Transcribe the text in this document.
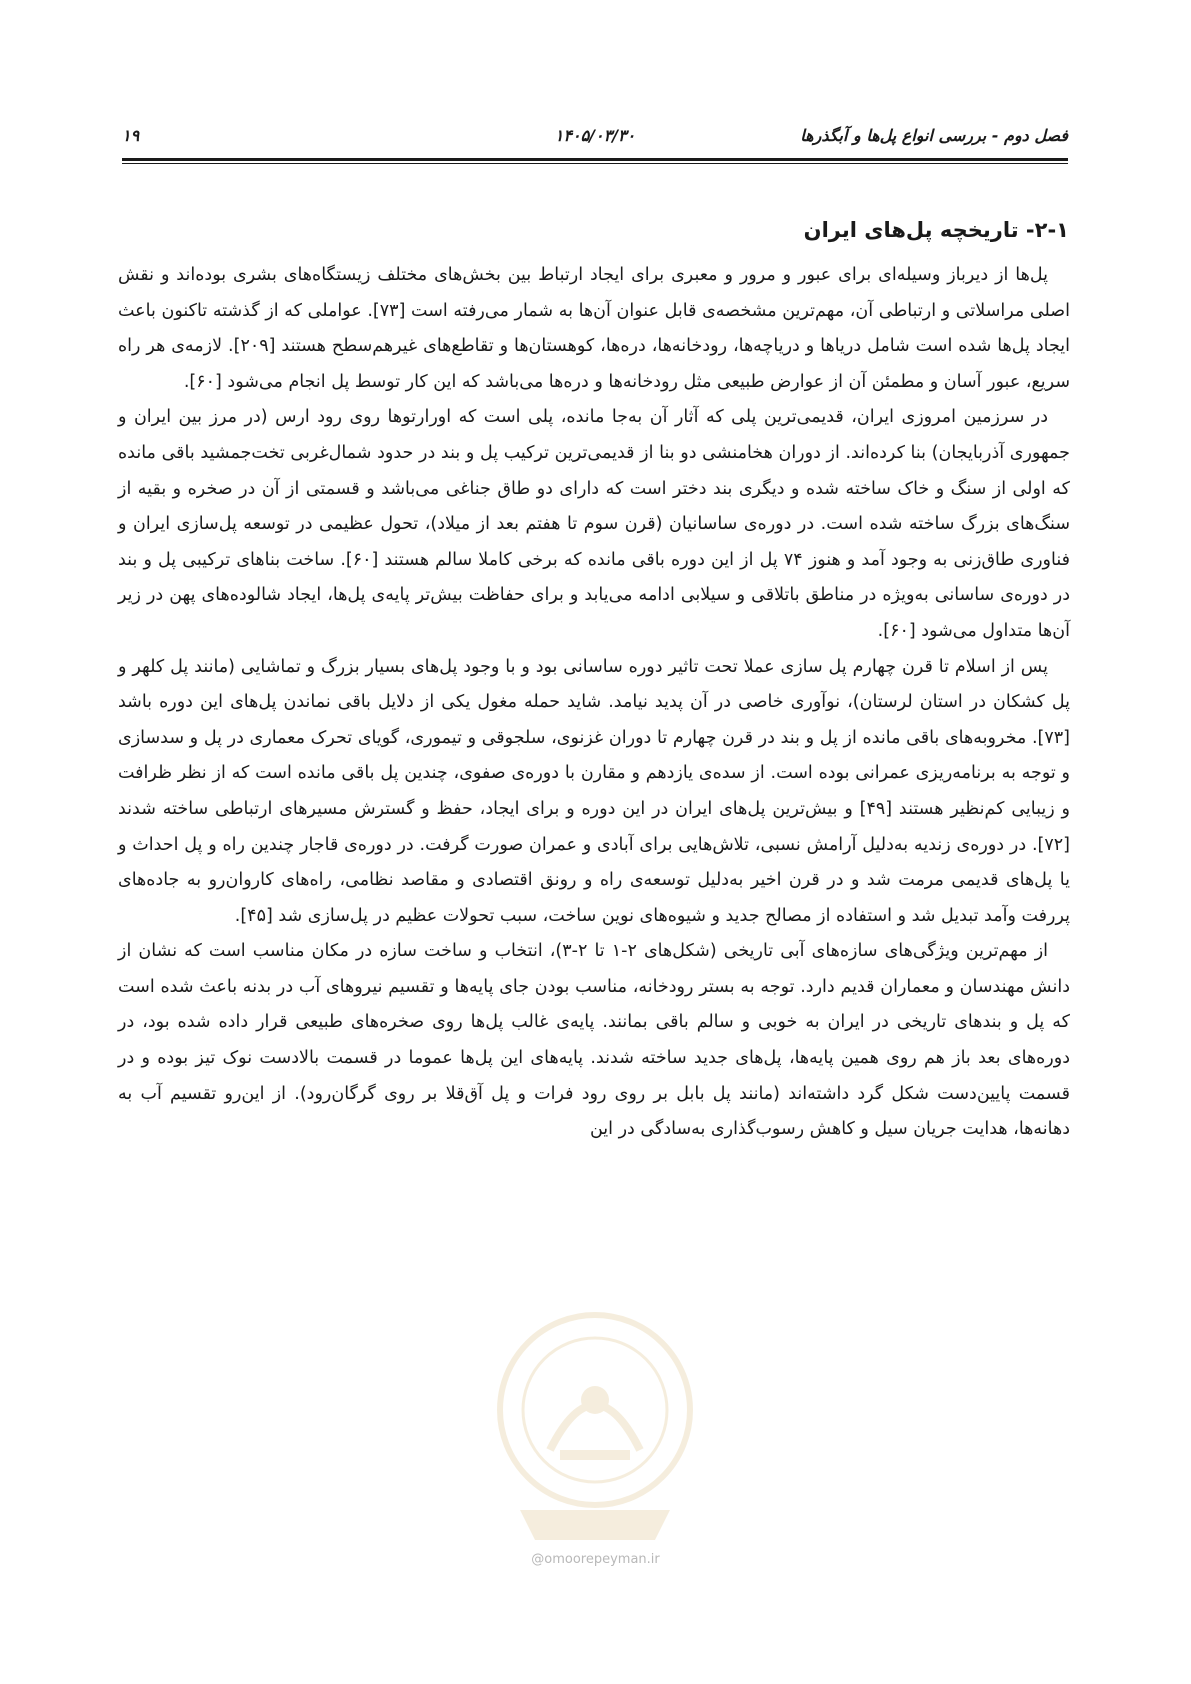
فصل دوم - بررسی انواع پل‌ها و آبگذرها
۱۴۰۵/۰۳/۳۰
۱۹
۲-۱- تاریخچه پل‌های ایران

پل‌ها از دیرباز وسیله‌ای برای عبور و مرور و معبری برای ایجاد ارتباط بین بخش‌های مختلف زیستگاه‌های بشری بوده‌اند و نقش اصلی مراسلاتی و ارتباطی آن، مهم‌ترین مشخصه‌ی قابل عنوان آن‌ها به شمار می‌رفته است [۷۳]. عواملی که از گذشته تاکنون باعث ایجاد پل‌ها شده است شامل دریاها و دریاچه‌ها، رودخانه‌ها، دره‌ها، کوهستان‌ها و تقاطع‌های غیرهم‌سطح هستند [۲۰۹]. لازمه‌ی هر راه سریع، عبور آسان و مطمئن آن از عوارض طبیعی مثل رودخانه‌ها و دره‌ها می‌باشد که این کار توسط پل انجام می‌شود [۶۰].

در سرزمین امروزی ایران، قدیمی‌ترین پلی که آثار آن به‌جا مانده، پلی است که اورارتوها روی رود ارس (در مرز بین ایران و جمهوری آذربایجان) بنا کرده‌اند. از دوران هخامنشی دو بنا از قدیمی‌ترین ترکیب پل و بند در حدود شمال‌غربی تخت‌جمشید باقی مانده که اولی از سنگ و خاک ساخته شده و دیگری بند دختر است که دارای دو طاق جناغی می‌باشد و قسمتی از آن در صخره و بقیه از سنگ‌های بزرگ ساخته شده است. در دوره‌ی ساسانیان (قرن سوم تا هفتم بعد از میلاد)، تحول عظیمی در توسعه پل‌سازی ایران و فناوری طاق‌زنی به وجود آمد و هنوز ۷۴ پل از این دوره باقی مانده که برخی کاملا سالم هستند [۶۰]. ساخت بناهای ترکیبی پل و بند در دوره‌ی ساسانی به‌ویژه در مناطق باتلاقی و سیلابی ادامه می‌یابد و برای حفاظت بیش‌تر پایه‌ی پل‌ها، ایجاد شالوده‌های پهن در زیر آن‌ها متداول می‌شود [۶۰].

پس از اسلام تا قرن چهارم پل سازی عملا تحت تاثیر دوره ساسانی بود و با وجود پل‌های بسیار بزرگ و تماشایی (مانند پل کلهر و پل کشکان در استان لرستان)، نوآوری خاصی در آن پدید نیامد. شاید حمله مغول یکی از دلایل باقی نماندن پل‌های این دوره باشد [۷۳]. مخروبه‌های باقی مانده از پل و بند در قرن چهارم تا دوران غزنوی، سلجوقی و تیموری، گویای تحرک معماری در پل و سدسازی و توجه به برنامه‌ریزی عمرانی بوده است. از سده‌ی یازدهم و مقارن با دوره‌ی صفوی، چندین پل باقی مانده است که از نظر ظرافت و زیبایی کم‌نظیر هستند [۴۹] و بیش‌ترین پل‌های ایران در این دوره و برای ایجاد، حفظ و گسترش مسیرهای ارتباطی ساخته شدند [۷۲]. در دوره‌ی زندیه به‌دلیل آرامش نسبی، تلاش‌هایی برای آبادی و عمران صورت گرفت. در دوره‌ی قاجار چندین راه و پل احداث و یا پل‌های قدیمی مرمت شد و در قرن اخیر به‌دلیل توسعه‌ی راه و رونق اقتصادی و مقاصد نظامی، راه‌های کاروان‌رو به جاده‌های پررفت وآمد تبدیل شد و استفاده از مصالح جدید و شیوه‌های نوین ساخت، سبب تحولات عظیم در پل‌سازی شد [۴۵].

از مهم‌ترین ویژگی‌های سازه‌های آبی تاریخی (شکل‌های ۲-۱ تا ۲-۳)، انتخاب و ساخت سازه در مکان مناسب است که نشان از دانش مهندسان و معماران قدیم دارد. توجه به بستر رودخانه، مناسب بودن جای پایه‌ها و تقسیم نیروهای آب در بدنه باعث شده است که پل و بندهای تاریخی در ایران به خوبی و سالم باقی بمانند. پایه‌ی غالب پل‌ها روی صخره‌های طبیعی قرار داده شده بود، در دوره‌های بعد باز هم روی همین پایه‌ها، پل‌های جدید ساخته شدند. پایه‌های این پل‌ها عموما در قسمت بالادست نوک تیز بوده و در قسمت پایین‌دست شکل گرد داشته‌اند (مانند پل بابل بر روی رود فرات و پل آق‌قلا بر روی گرگان‌رود). از این‌رو تقسیم آب به دهانه‌ها، هدایت جریان سیل و کاهش رسوب‌گذاری به‌سادگی در این

@omoorepeyman.ir
